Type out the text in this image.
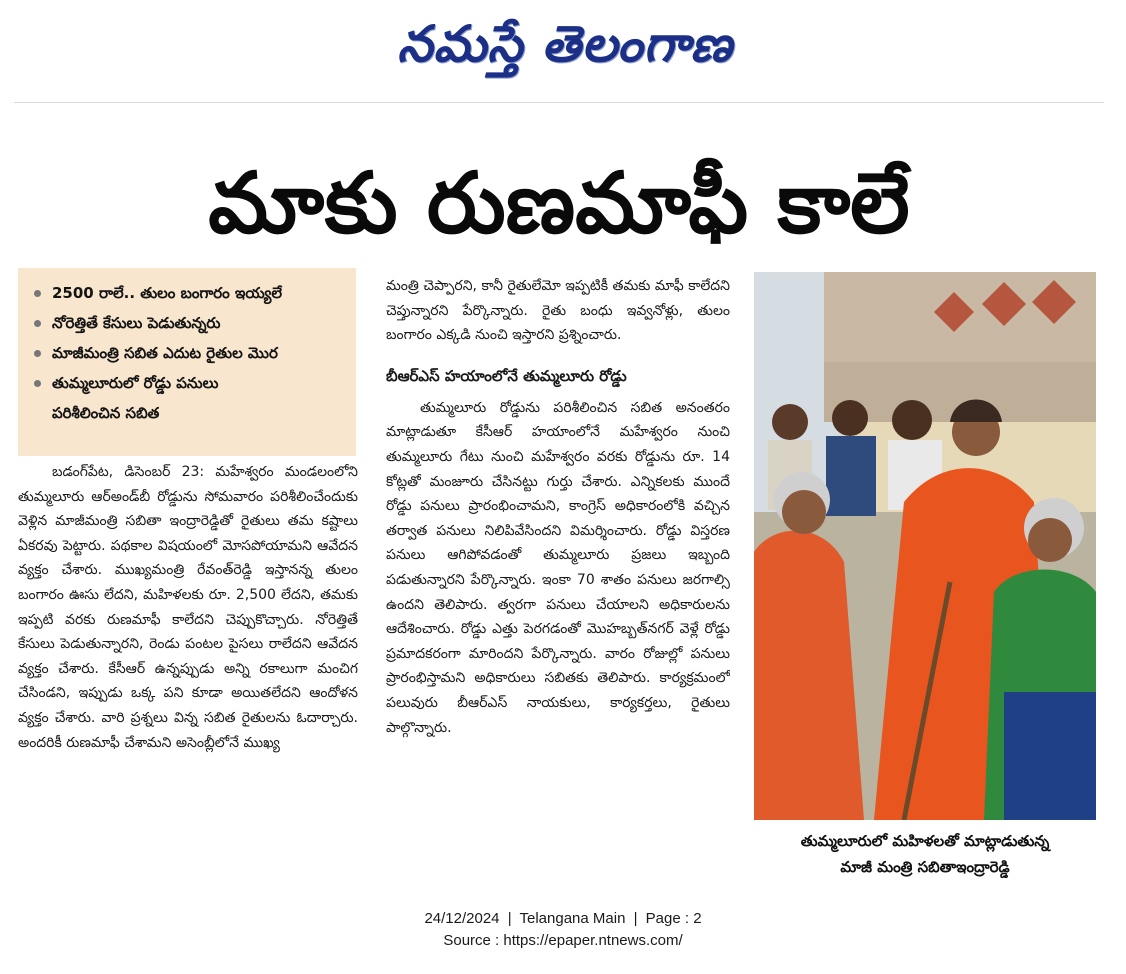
నమస్తే తెలంగాణ
మాకు రుణమాఫీ కాలే
2500 రాలే.. తులం బంగారం ఇయ్యలే
నోరెత్తితే కేసులు పెడుతున్నరు
మాజీమంత్రి సబిత ఎదుట రైతుల మొర
తుమ్మలూరులో రోడ్డు పనులు
పరిశీలించిన సబిత

బడంగ్‌పేట, డిసెంబర్ 23: మహేశ్వరం మండలంలోని తుమ్మలూరు ఆర్‌అండ్‌బీ రోడ్డును సోమవారం పరిశీలించేందుకు వెళ్లిన మాజీమంత్రి సబితా ఇంద్రారెడ్డితో రైతులు తమ కష్టాలు ఏకరవు పెట్టారు. పథకాల విషయంలో మోసపోయామని ఆవేదన వ్యక్తం చేశారు. ముఖ్యమంత్రి రేవంత్‌రెడ్డి ఇస్తానన్న తులం బంగారం ఊసు లేదని, మహిళలకు రూ. 2,500 లేదని, తమకు ఇప్పటి వరకు రుణమాఫీ కాలేదని చెప్పుకొచ్చారు. నోరెత్తితే కేసులు పెడుతున్నారని, రెండు పంటల పైసలు రాలేదని ఆవేదన వ్యక్తం చేశారు. కేసీఆర్ ఉన్నప్పుడు అన్ని రకాలుగా మంచిగ చేసిండని, ఇప్పుడు ఒక్క పని కూడా అయితలేదని ఆందోళన వ్యక్తం చేశారు. వారి ప్రశ్నలు విన్న సబిత రైతులను ఓదార్చారు. అందరికీ రుణమాఫీ చేశామని అసెంబ్లీలోనే ముఖ్య

మంత్రి చెప్పారని, కానీ రైతులేమో ఇప్పటికీ తమకు మాఫీ కాలేదని చెప్తున్నారని పేర్కొన్నారు. రైతు బంధు ఇవ్వనోళ్లు, తులం బంగారం ఎక్కడి నుంచి ఇస్తారని ప్రశ్నించారు.

బీఆర్‌ఎస్ హయాంలోనే తుమ్మలూరు రోడ్డు

తుమ్మలూరు రోడ్డును పరిశీలించిన సబిత అనంతరం మాట్లాడుతూ కేసీఆర్ హయాంలోనే మహేశ్వరం నుంచి తుమ్మలూరు గేటు నుంచి మహేశ్వరం వరకు రోడ్డును రూ. 14 కోట్లతో మంజూరు చేసినట్టు గుర్తు చేశారు. ఎన్నికలకు ముందే రోడ్డు పనులు ప్రారంభించామని, కాంగ్రెస్ అధికారంలోకి వచ్చిన తర్వాత పనులు నిలిపివేసిందని విమర్శించారు. రోడ్డు విస్తరణ పనులు ఆగిపోవడంతో తుమ్మలూరు ప్రజలు ఇబ్బంది పడుతున్నారని పేర్కొన్నారు. ఇంకా 70 శాతం పనులు జరగాల్సి ఉందని తెలిపారు. త్వరగా పనులు చేయాలని అధికారులను ఆదేశించారు. రోడ్డు ఎత్తు పెరగడంతో మొహబ్బత్‌నగర్ వెళ్లే రోడ్డు ప్రమాదకరంగా మారిందని పేర్కొన్నారు. వారం రోజుల్లో పనులు ప్రారంభిస్తామని అధికారులు సబితకు తెలిపారు. కార్యక్రమంలో పలువురు బీఆర్‌ఎస్ నాయకులు, కార్యకర్తలు, రైతులు పాల్గొన్నారు.

తుమ్మలూరులో మహిళలతో మాట్లాడుతున్న
మాజీ మంత్రి సబితాఇంద్రారెడ్డి
24/12/2024 | Telangana Main | Page : 2
Source : https://epaper.ntnews.com/
